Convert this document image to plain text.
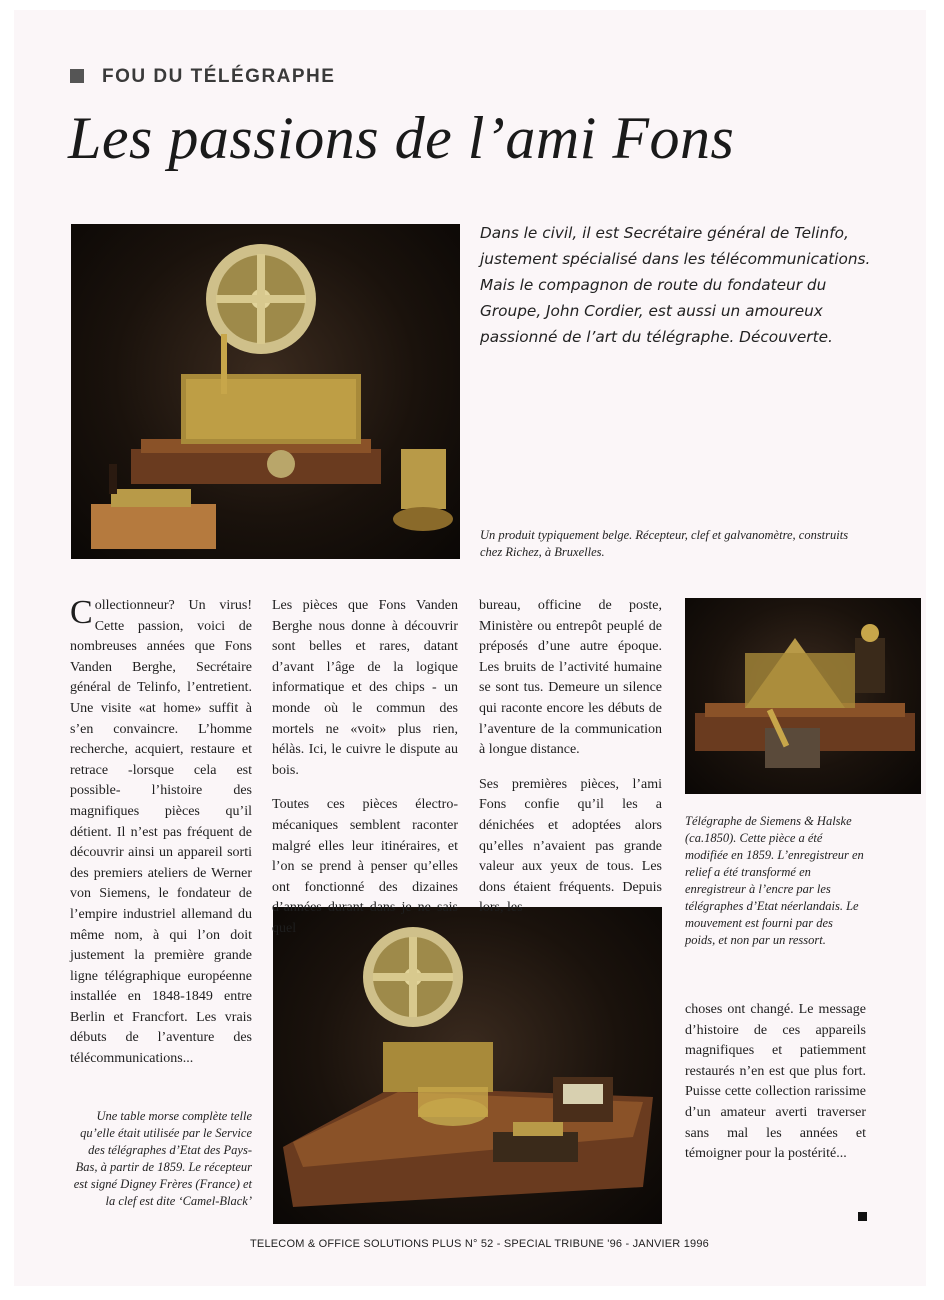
FOU DU TÉLÉGRAPHE
Les passions de l’ami Fons
Dans le civil, il est Secrétaire général de Telinfo, justement spécialisé dans les télécommunications. Mais le compagnon de route du fondateur du Groupe, John Cordier, est aussi un amoureux passionné de l’art du télégraphe. Découverte.
Un produit typiquement belge. Récepteur, clef et galvanomètre, construits chez Richez, à Bruxelles.
Télégraphe de Siemens & Halske (ca.1850). Cette pièce a été modifiée en 1859. L’enregistreur en relief a été transformé en enregistreur à l’encre par les télégraphes d’Etat néerlandais. Le mouvement est fourni par des poids, et non par un ressort.
Une table morse complète telle qu’elle était utilisée par le Service des télégraphes d’Etat des Pays-Bas, à partir de 1859. Le récepteur est signé Digney Frères (France) et la clef est dite ‘Camel-Black’

Collectionneur? Un virus! Cette passion, voici de nombreuses années que Fons Vanden Berghe, Secrétaire général de Telinfo, l’entretient. Une visite «at home» suffit à s’en convaincre. L’homme recherche, acquiert, restaure et retrace -lorsque cela est possible- l’histoire des magnifiques pièces qu’il détient. Il n’est pas fréquent de découvrir ainsi un appareil sorti des premiers ateliers de Werner von Siemens, le fondateur de l’empire industriel allemand du même nom, à qui l’on doit justement la première grande ligne télégraphique européenne installée en 1848-1849 entre Berlin et Francfort. Les vrais débuts de l’aventure des télécommunications...

Les pièces que Fons Vanden Berghe nous donne à découvrir sont belles et rares, datant d’avant l’âge de la logique informatique et des chips - un monde où le commun des mortels ne «voit» plus rien, hélàs. Ici, le cuivre le dispute au bois.

Toutes ces pièces électro-mécaniques semblent raconter malgré elles leur itinéraires, et l’on se prend à penser qu’elles ont fonctionné des dizaines d’années durant dans je ne sais quel

bureau, officine de poste, Ministère ou entrepôt peuplé de préposés d’une autre époque. Les bruits de l’activité humaine se sont tus. Demeure un silence qui raconte encore les débuts de l’aventure de la communication à longue distance.

Ses premières pièces, l’ami Fons confie qu’il les a dénichées et adoptées alors qu’elles n’avaient pas grande valeur aux yeux de tous. Les dons étaient fréquents. Depuis lors, les

choses ont changé. Le message d’histoire de ces appareils magnifiques et patiemment restaurés n’en est que plus fort. Puisse cette collection rarissime d’un amateur averti traverser sans mal les années et témoigner pour la postérité...

TELECOM & OFFICE SOLUTIONS PLUS N° 52 - SPECIAL TRIBUNE '96 - JANVIER 1996
